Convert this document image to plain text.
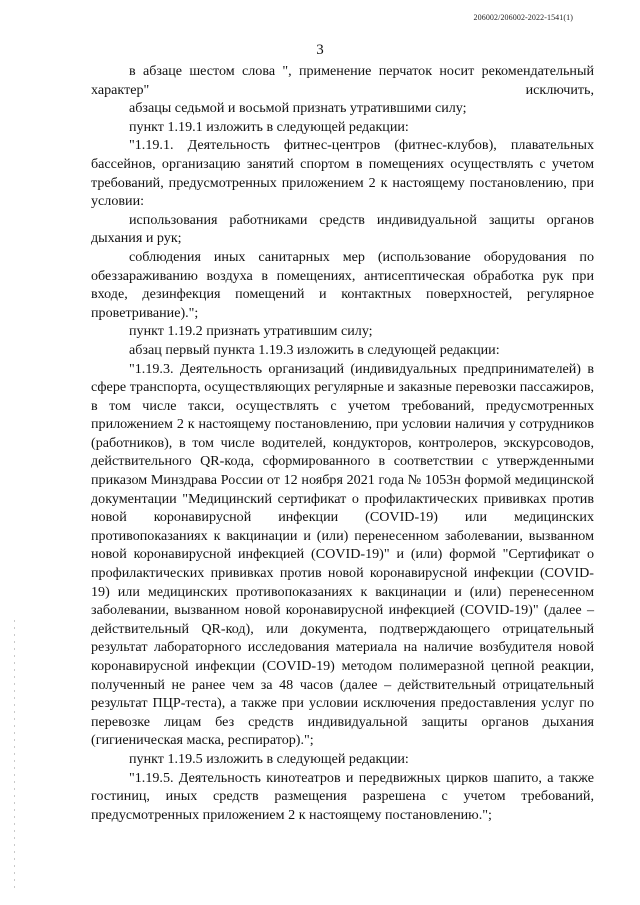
206002/206002-2022-1541(1)
3

в абзаце шестом слова ", применение перчаток носит рекомендательный характер" исключить,

абзацы седьмой и восьмой признать утратившими силу;

пункт 1.19.1 изложить в следующей редакции:

"1.19.1. Деятельность фитнес-центров (фитнес-клубов), плавательных бассейнов, организацию занятий спортом в помещениях осуществлять с учетом требований, предусмотренных приложением 2 к настоящему постановлению, при условии:

использования работниками средств индивидуальной защиты органов дыхания и рук;

соблюдения иных санитарных мер (использование оборудования по обеззараживанию воздуха в помещениях, антисептическая обработка рук при входе, дезинфекция помещений и контактных поверхностей, регулярное проветривание).";

пункт 1.19.2 признать утратившим силу;

абзац первый пункта 1.19.3 изложить в следующей редакции:

"1.19.3. Деятельность организаций (индивидуальных предпринимателей) в сфере транспорта, осуществляющих регулярные и заказные перевозки пассажиров, в том числе такси, осуществлять с учетом требований, предусмотренных приложением 2 к настоящему постановлению, при условии наличия у сотрудников (работников), в том числе водителей, кондукторов, контролеров, экскурсоводов, действительного QR-кода, сформированного в соответствии с утвержденными приказом Минздрава России от 12 ноября 2021 года № 1053н формой медицинской документации "Медицинский сертификат о профилактических прививках против новой коронавирусной инфекции (COVID-19) или медицинских противопоказаниях к вакцинации и (или) перенесенном заболевании, вызванном новой коронавирусной инфекцией (COVID-19)" и (или) формой "Сертификат о профилактических прививках против новой коронавирусной инфекции (COVID-19) или медицинских противопоказаниях к вакцинации и (или) перенесенном заболевании, вызванном новой коронавирусной инфекцией (COVID-19)" (далее – действительный QR-код), или документа, подтверждающего отрицательный результат лабораторного исследования материала на наличие возбудителя новой коронавирусной инфекции (COVID-19) методом полимеразной цепной реакции, полученный не ранее чем за 48 часов (далее – действительный отрицательный результат ПЦР-теста), а также при условии исключения предоставления услуг по перевозке лицам без средств индивидуальной защиты органов дыхания (гигиеническая маска, респиратор).";

пункт 1.19.5 изложить в следующей редакции:

"1.19.5. Деятельность кинотеатров и передвижных цирков шапито, а также гостиниц, иных средств размещения разрешена с учетом требований, предусмотренных приложением 2 к настоящему постановлению.";
